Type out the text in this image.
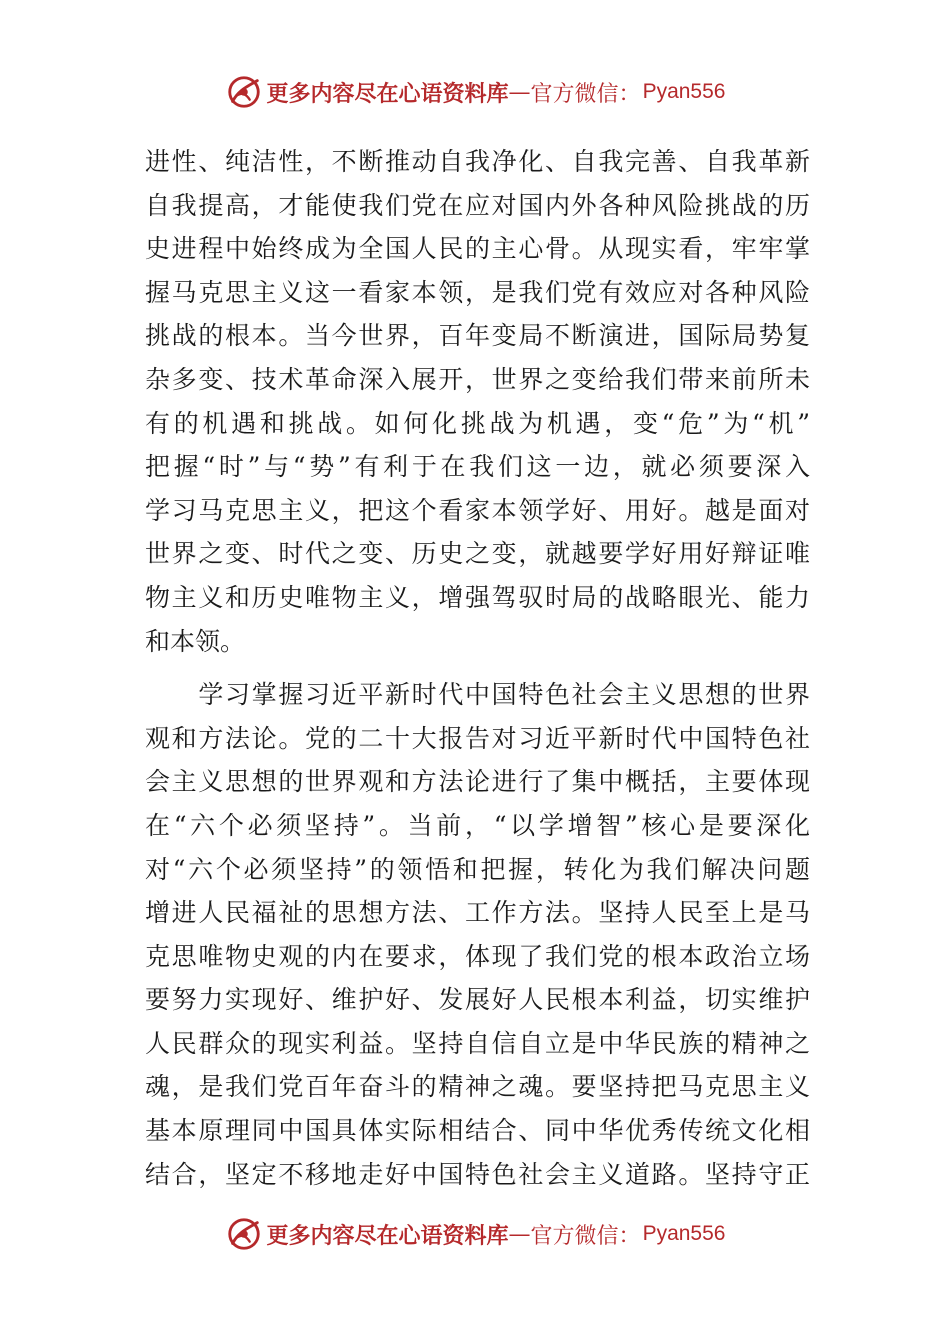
更多内容尽在心语资料库 — 官方微信： Pyan556
进性、纯洁性，不断推动自我净化、自我完善、自我革新
自我提高，才能使我们党在应对国内外各种风险挑战的历
史进程中始终成为全国人民的主心骨。从现实看，牢牢掌
握马克思主义这一看家本领，是我们党有效应对各种风险
挑战的根本。当今世界，百年变局不断演进，国际局势复
杂多变、技术革命深入展开，世界之变给我们带来前所未
有的机遇和挑战。如何化挑战为机遇，变“危”为“机”
把握“时”与“势”有利于在我们这一边，就必须要深入
学习马克思主义，把这个看家本领学好、用好。越是面对
世界之变、时代之变、历史之变，就越要学好用好辩证唯
物主义和历史唯物主义，增强驾驭时局的战略眼光、能力
和本领。
　　学习掌握习近平新时代中国特色社会主义思想的世界
观和方法论。党的二十大报告对习近平新时代中国特色社
会主义思想的世界观和方法论进行了集中概括，主要体现
在“六个必须坚持”。当前，“以学增智”核心是要深化
对“六个必须坚持”的领悟和把握，转化为我们解决问题
增进人民福祉的思想方法、工作方法。坚持人民至上是马
克思唯物史观的内在要求，体现了我们党的根本政治立场
要努力实现好、维护好、发展好人民根本利益，切实维护
人民群众的现实利益。坚持自信自立是中华民族的精神之
魂，是我们党百年奋斗的精神之魂。要坚持把马克思主义
基本原理同中国具体实际相结合、同中华优秀传统文化相
结合，坚定不移地走好中国特色社会主义道路。坚持守正
更多内容尽在心语资料库 — 官方微信： Pyan556
